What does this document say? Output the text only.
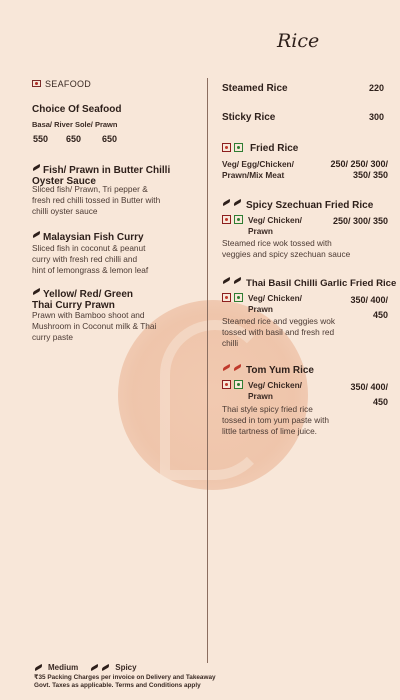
Rice
SEAFOOD
Choice Of Seafood
Basa/ River Sole/ Prawn
550 650 650
Fish/ Prawn in Butter Chilli
Oyster Sauce
Sliced fish/ Prawn, Tri pepper &
fresh red chilli tossed in Butter with
chilli oyster sauce
Malaysian Fish Curry
Sliced fish in coconut & peanut
curry with fresh red chilli and
hint of lemongrass & lemon leaf
Yellow/ Red/ Green
Thai Curry Prawn
Prawn with Bamboo shoot and
Mushroom in Coconut milk & Thai
curry paste
Steamed Rice	220
Sticky Rice	300
Fried Rice
Veg/ Egg/Chicken/
Prawn/Mix Meat
250/ 250/ 300/
350/ 350
Spicy Szechuan Fried Rice
Veg/ Chicken/
Prawn
250/ 300/ 350
Steamed rice wok tossed with
veggies and spicy szechuan sauce
Thai Basil Chilli Garlic Fried Rice
Veg/ Chicken/
Prawn
350/ 400/
450
Steamed rice and veggies wok
tossed with basil and fresh red
chilli
Tom Yum Rice
Veg/ Chicken/
Prawn
350/ 400/
450
Thai style spicy fried rice
tossed in tom yum paste with
little tartness of lime juice.
Medium	Spicy
₹35 Packing Charges per invoice on Delivery and Takeaway
Govt. Taxes as applicable. Terms and Conditions apply
